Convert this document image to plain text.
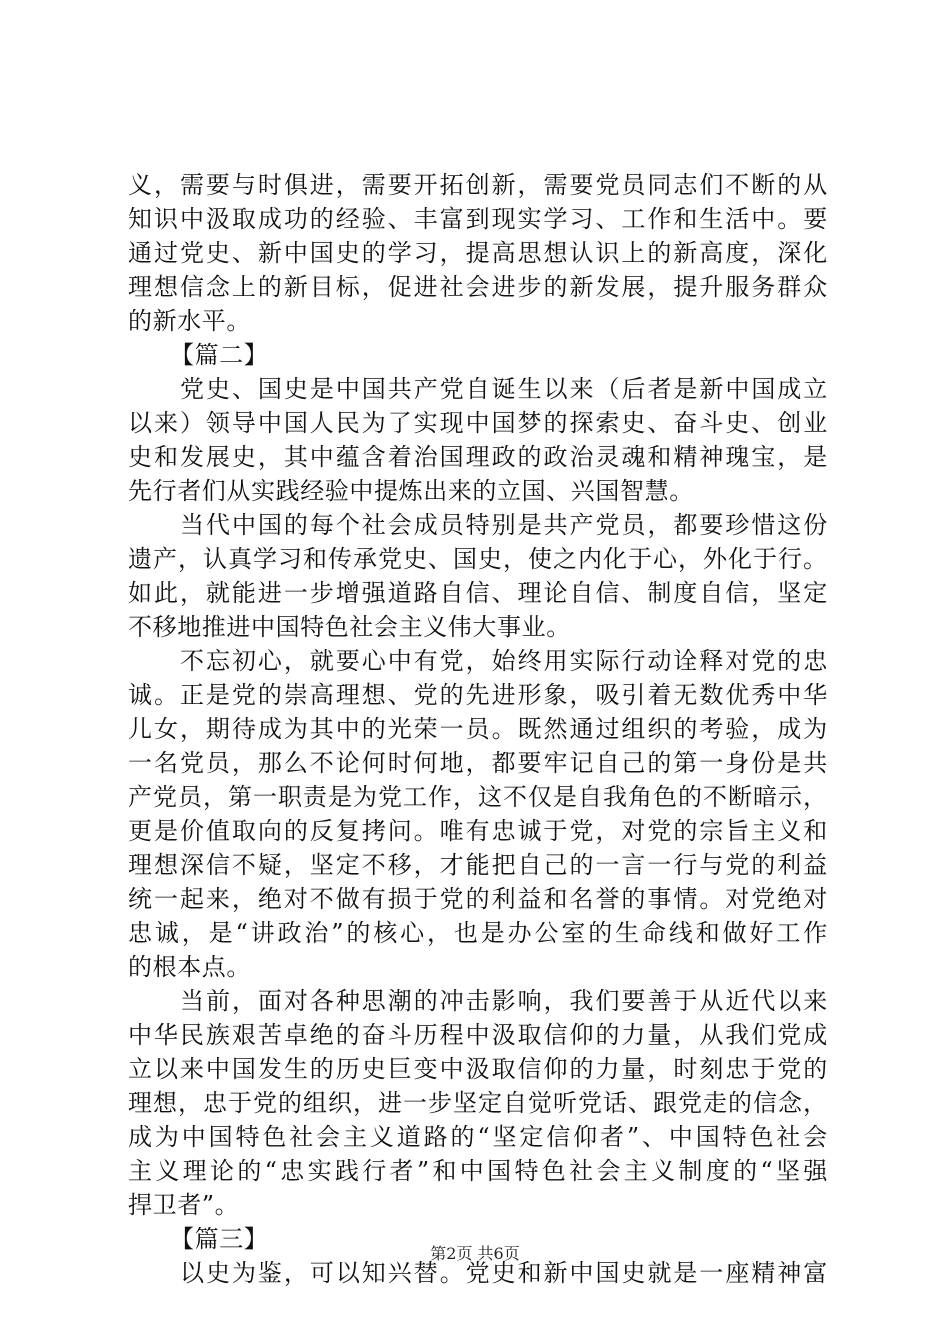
义 ， 需 要 与 时 俱 进 ， 需 要 开 拓 创 新 ， 需 要 党 员 同 志 们 不 断 的 从
知 识 中 汲 取 成 功 的 经 验 、 丰 富 到 现 实 学 习 、 工 作 和 生 活 中 。 要
通 过 党 史 、 新 中 国 史 的 学 习 ， 提 高 思 想 认 识 上 的 新 高 度 ， 深 化
理 想 信 念 上 的 新 目 标 ， 促 进 社 会 进 步 的 新 发 展 ， 提 升 服 务 群 众
的新水平。
【篇二】
党 史 、 国 史 是 中 国 共 产 党 自 诞 生 以 来 （ 后 者 是 新 中 国 成 立
以 来 ） 领 导 中 国 人 民 为 了 实 现 中 国 梦 的 探 索 史 、 奋 斗 史 、 创 业
史 和 发 展 史 ， 其 中 蕴 含 着 治 国 理 政 的 政 治 灵 魂 和 精 神 瑰 宝 ， 是
先行者们从实践经验中提炼出来的立国、兴国智慧。
当 代 中 国 的 每 个 社 会 成 员 特 别 是 共 产 党 员 ， 都 要 珍 惜 这 份
遗 产 ， 认 真 学 习 和 传 承 党 史 、 国 史 ， 使 之 内 化 于 心 ， 外 化 于 行 。
如 此 ， 就 能 进 一 步 增 强 道 路 自 信 、 理 论 自 信 、 制 度 自 信 ， 坚 定
不移地推进中国特色社会主义伟大事业。
不 忘 初 心 ， 就 要 心 中 有 党 ， 始 终 用 实 际 行 动 诠 释 对 党 的 忠
诚 。 正 是 党 的 崇 高 理 想 、 党 的 先 进 形 象 ， 吸 引 着 无 数 优 秀 中 华
儿 女 ， 期 待 成 为 其 中 的 光 荣 一 员 。 既 然 通 过 组 织 的 考 验 ， 成 为
一 名 党 员 ， 那 么 不 论 何 时 何 地 ， 都 要 牢 记 自 己 的 第 一 身 份 是 共
产 党 员 ， 第 一 职 责 是 为 党 工 作 ， 这 不 仅 是 自 我 角 色 的 不 断 暗 示 ，
更 是 价 值 取 向 的 反 复 拷 问 。 唯 有 忠 诚 于 党 ， 对 党 的 宗 旨 主 义 和
理 想 深 信 不 疑 ， 坚 定 不 移 ， 才 能 把 自 己 的 一 言 一 行 与 党 的 利 益
统 一 起 来 ， 绝 对 不 做 有 损 于 党 的 利 益 和 名 誉 的 事 情 。 对 党 绝 对
忠 诚 ， 是 “ 讲 政 治 ” 的 核 心 ， 也 是 办 公 室 的 生 命 线 和 做 好 工 作
的根本点。
当 前 ， 面 对 各 种 思 潮 的 冲 击 影 响 ， 我 们 要 善 于 从 近 代 以 来
中 华 民 族 艰 苦 卓 绝 的 奋 斗 历 程 中 汲 取 信 仰 的 力 量 ， 从 我 们 党 成
立 以 来 中 国 发 生 的 历 史 巨 变 中 汲 取 信 仰 的 力 量 ， 时 刻 忠 于 党 的
理 想 ， 忠 于 党 的 组 织 ， 进 一 步 坚 定 自 觉 听 党 话 、 跟 党 走 的 信 念 ，
成 为 中 国 特 色 社 会 主 义 道 路 的 “ 坚 定 信 仰 者 ” 、 中 国 特 色 社 会
主 义 理 论 的 “ 忠 实 践 行 者 ” 和 中 国 特 色 社 会 主 义 制 度 的 “ 坚 强
捍卫者”。
【篇三】
以 史 为 鉴 ， 可 以 知 兴 替 。 党 史 和 新 中 国 史 就 是 一 座 精 神 富
第2页 共6页
